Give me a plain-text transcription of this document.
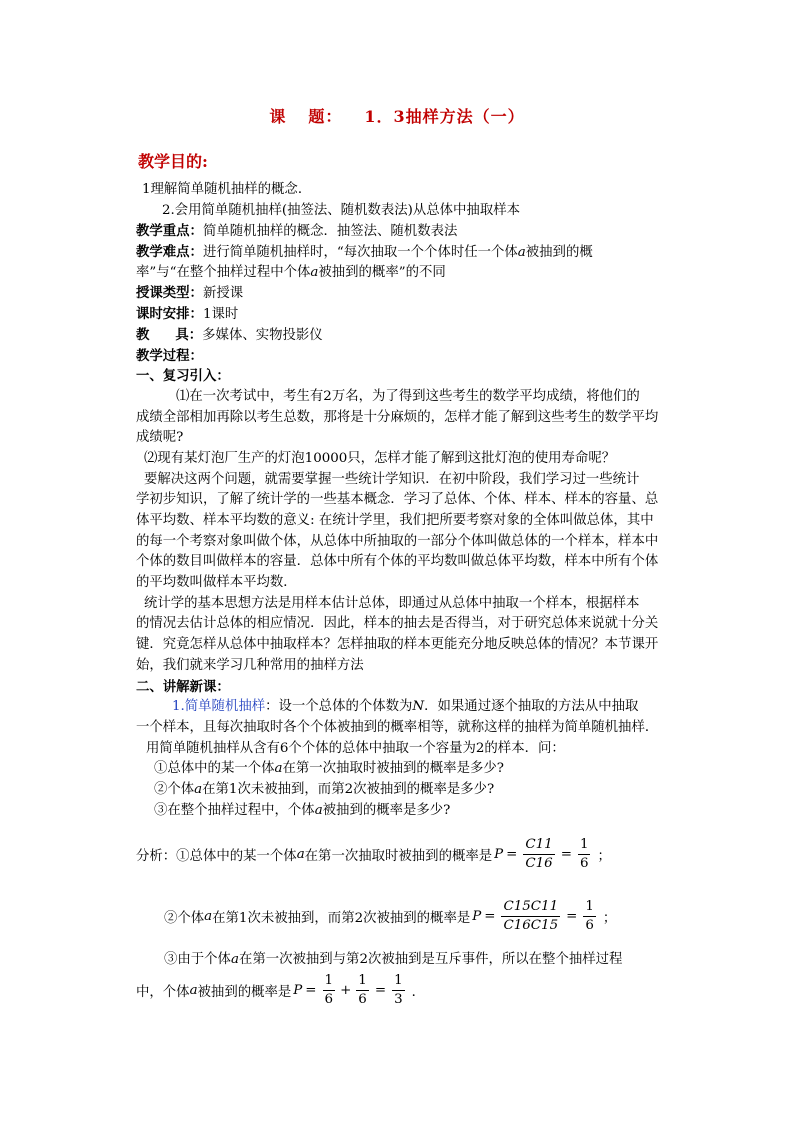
课 题： 1．3抽样方法（一）
教学目的:
1理解简单随机抽样的概念．
2.会用简单随机抽样(抽签法、随机数表法)从总体中抽取样本
教学重点：简单随机抽样的概念．抽签法、随机数表法
教学难点：进行简单随机抽样时，“每次抽取一个个体时任一个体a被抽到的概
率”与“在整个抽样过程中个体a被抽到的概率”的不同
授课类型：新授课
课时安排：1课时
教 具：多媒体、实物投影仪
教学过程：
一、复习引入：
⑴在一次考试中，考生有2万名，为了得到这些考生的数学平均成绩，将他们的
成绩全部相加再除以考生总数，那将是十分麻烦的，怎样才能了解到这些考生的数学平均
成绩呢?
⑵现有某灯泡厂生产的灯泡10000只，怎样才能了解到这批灯泡的使用寿命呢？
要解决这两个问题，就需要掌握一些统计学知识．在初中阶段，我们学习过一些统计
学初步知识，了解了统计学的一些基本概念．学习了总体、个体、样本、样本的容量、总
体平均数、样本平均数的意义: 在统计学里，我们把所要考察对象的全体叫做总体，其中
的每一个考察对象叫做个体，从总体中所抽取的一部分个体叫做总体的一个样本，样本中
个体的数目叫做样本的容量．总体中所有个体的平均数叫做总体平均数，样本中所有个体
的平均数叫做样本平均数．
统计学的基本思想方法是用样本估计总体，即通过从总体中抽取一个样本，根据样本
的情况去估计总体的相应情况．因此，样本的抽去是否得当，对于研究总体来说就十分关
键．究竟怎样从总体中抽取样本？怎样抽取的样本更能充分地反映总体的情况？本节课开
始，我们就来学习几种常用的抽样方法
二、讲解新课：
1.简单随机抽样：设一个总体的个体数为N．如果通过逐个抽取的方法从中抽取
一个样本，且每次抽取时各个个体被抽到的概率相等，就称这样的抽样为简单随机抽样．
用简单随机抽样从含有6个个体的总体中抽取一个容量为2的样本．问：
①总体中的某一个体a在第一次抽取时被抽到的概率是多少?
②个体a在第1次未被抽到，而第2次被抽到的概率是多少?
③在整个抽样过程中，个体a被抽到的概率是多少?
分析：①总体中的某一个体 a 在第一次抽取时被抽到的概率是 $P = \frac{C11}{C16} = \frac{1}{6}$ ；
②个体 a 在第1次未被抽到，而第2次被抽到的概率是 $P = \frac{C15C11}{C16C15} = \frac{1}{6}$ ；
③由于个体a在第一次被抽到与第2次被抽到是互斥事件，所以在整个抽样过程
中，个体 a 被抽到的概率是 $P = \frac{1}{6} + \frac{1}{6} = \frac{1}{3}$ ．
